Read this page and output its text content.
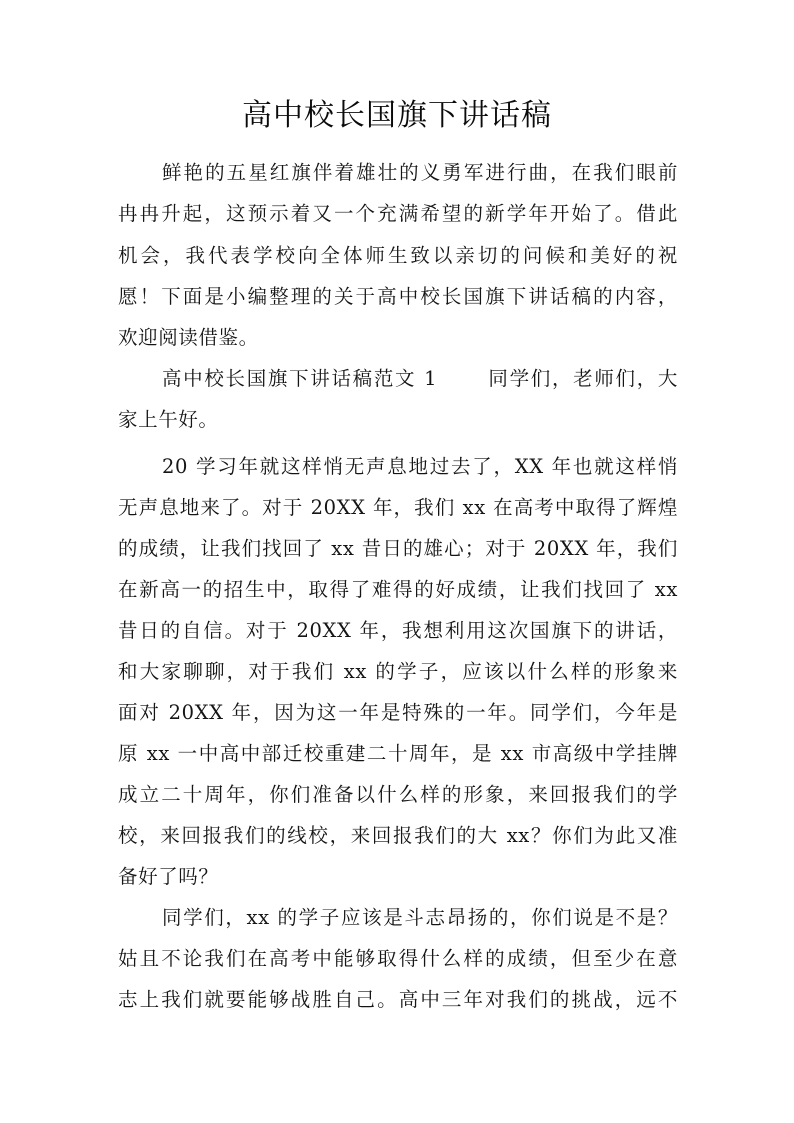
高中校长国旗下讲话稿
鲜艳的五星红旗伴着雄壮的义勇军进行曲，在我们眼前
冉冉升起，这预示着又一个充满希望的新学年开始了。借此
机会，我代表学校向全体师生致以亲切的问候和美好的祝
愿！下面是小编整理的关于高中校长国旗下讲话稿的内容，
欢迎阅读借鉴。
高中校长国旗下讲话稿范文 1　　 同学们，老师们，大
家上午好。
20 学习年就这样悄无声息地过去了，XX 年也就这样悄
无声息地来了。对于 20XX 年，我们 xx 在高考中取得了辉煌
的成绩，让我们找回了 xx 昔日的雄心；对于 20XX 年，我们
在新高一的招生中，取得了难得的好成绩，让我们找回了 xx
昔日的自信。对于 20XX 年，我想利用这次国旗下的讲话，
和大家聊聊，对于我们 xx 的学子，应该以什么样的形象来
面对 20XX 年，因为这一年是特殊的一年。同学们，今年是
原 xx 一中高中部迁校重建二十周年，是 xx 市高级中学挂牌
成立二十周年，你们准备以什么样的形象，来回报我们的学
校，来回报我们的线校，来回报我们的大 xx？你们为此又准
备好了吗？
同学们，xx 的学子应该是斗志昂扬的，你们说是不是？
姑且不论我们在高考中能够取得什么样的成绩，但至少在意
志上我们就要能够战胜自己。高中三年对我们的挑战，远不
